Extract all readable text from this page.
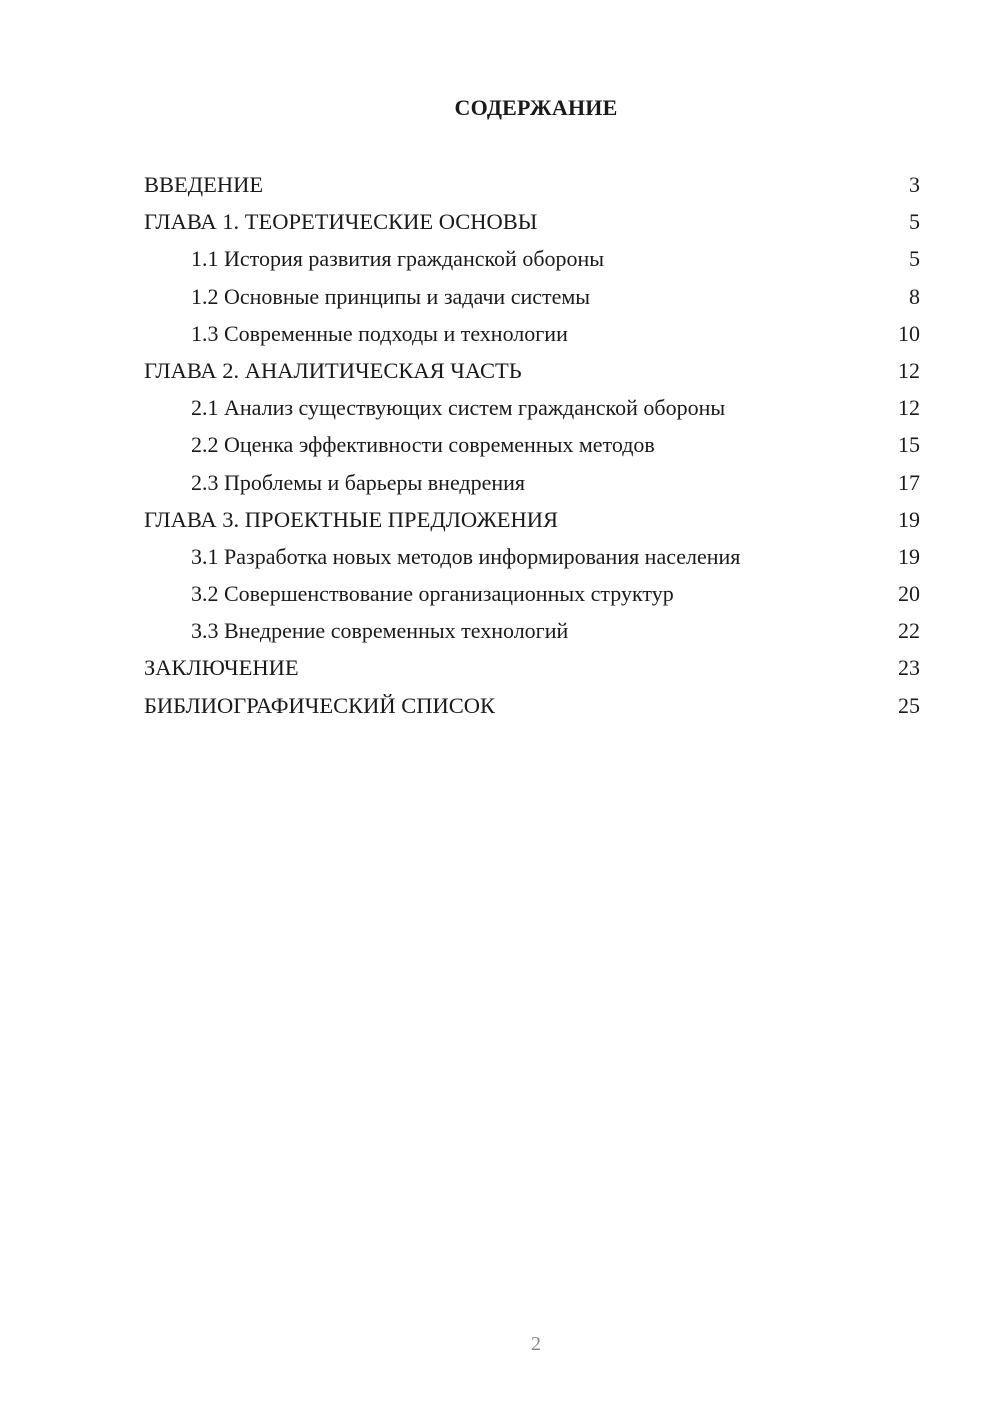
СОДЕРЖАНИЕ
ВВЕДЕНИЕ	3
ГЛАВА 1. ТЕОРЕТИЧЕСКИЕ ОСНОВЫ	5
1.1 История развития гражданской обороны	5
1.2 Основные принципы и задачи системы	8
1.3 Современные подходы и технологии	10
ГЛАВА 2. АНАЛИТИЧЕСКАЯ ЧАСТЬ	12
2.1 Анализ существующих систем гражданской обороны	12
2.2 Оценка эффективности современных методов	15
2.3 Проблемы и барьеры внедрения	17
ГЛАВА 3. ПРОЕКТНЫЕ ПРЕДЛОЖЕНИЯ	19
3.1 Разработка новых методов информирования населения	19
3.2 Совершенствование организационных структур	20
3.3 Внедрение современных технологий	22
ЗАКЛЮЧЕНИЕ	23
БИБЛИОГРАФИЧЕСКИЙ СПИСОК	25
2
